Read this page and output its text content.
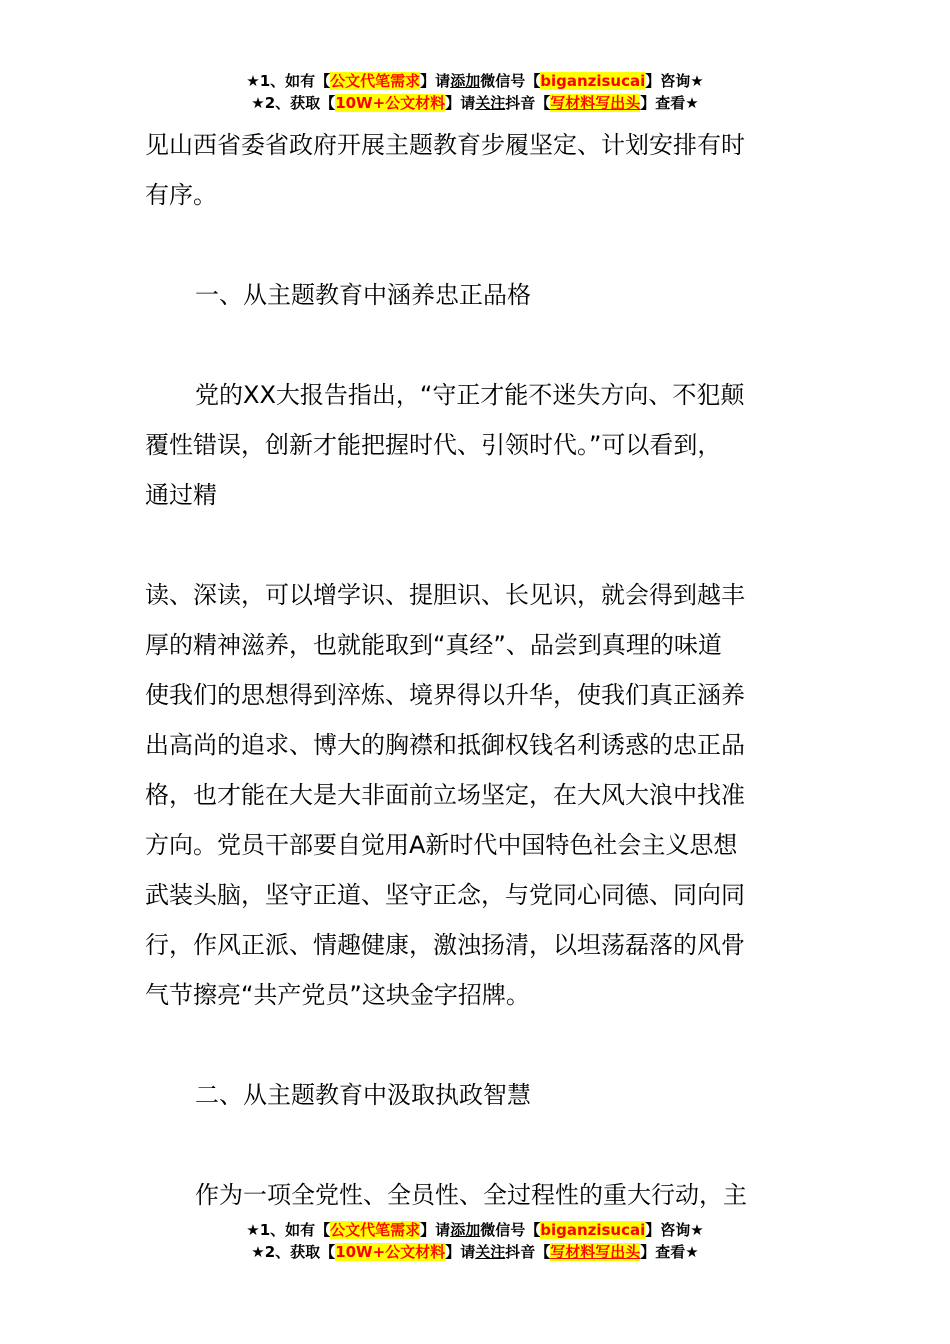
★1、如有【公文代笔需求】请添加微信号【biganzisucai】咨询★
★2、获取【10W+公文材料】请关注抖音【写材料写出头】查看★
见山西省委省政府开展主题教育步履坚定、计划安排有时
有序。
一、从主题教育中涵养忠正品格
党的XX大报告指出，“守正才能不迷失方向、不犯颠
覆性错误，创新才能把握时代、引领时代。”可以看到，
通过精
读、深读，可以增学识、提胆识、长见识，就会得到越丰
厚的精神滋养，也就能取到“真经”、品尝到真理的味道
使我们的思想得到淬炼、境界得以升华，使我们真正涵养
出高尚的追求、博大的胸襟和抵御权钱名利诱惑的忠正品
格，也才能在大是大非面前立场坚定，在大风大浪中找准
方向。党员干部要自觉用A新时代中国特色社会主义思想
武装头脑，坚守正道、坚守正念，与党同心同德、同向同
行，作风正派、情趣健康，激浊扬清，以坦荡磊落的风骨
气节擦亮“共产党员”这块金字招牌。
二、从主题教育中汲取执政智慧
作为一项全党性、全员性、全过程性的重大行动，主
★1、如有【公文代笔需求】请添加微信号【biganzisucai】咨询★
★2、获取【10W+公文材料】请关注抖音【写材料写出头】查看★
